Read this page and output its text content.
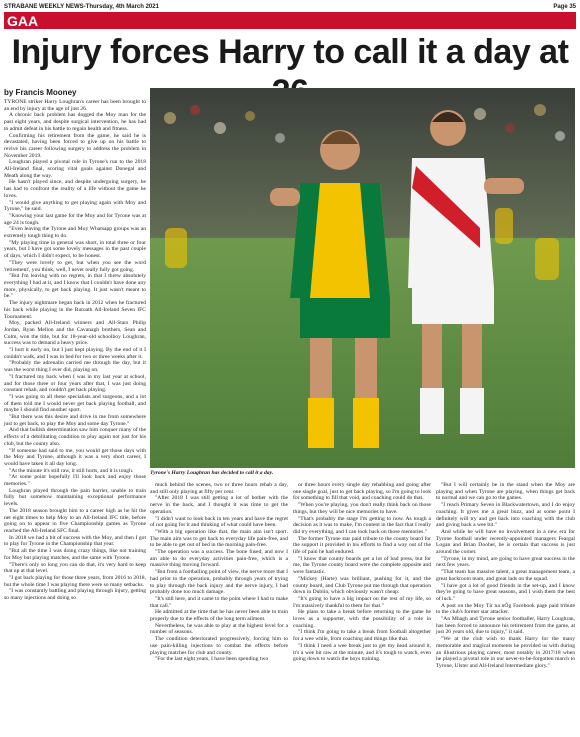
STRABANE WEEKLY NEWS-Thursday, 4th March 2021	Page 35
GAA
Injury forces Harry to call it a day at
by Francis Mooney

TYRONE striker Harry Loughran's career has been brought to an end by injury at the age of just 26.

A chronic back problem has dogged the Moy man for the past eight years, and despite surgical intervention, he has had to admit defeat in his battle to regain health and fitness.

Confirming his retirement from the game, he said he is devastated, having been forced to give up on his battle to revive his career following surgery to address the problem in November 2019.

Loughran played a pivotal role in Tyrone's run to the 2018 All-Ireland final, scoring vital goals against Donegal and Meath along the way.

He hasn't played since, and despite undergoing surgery, he has had to confront the reality of a life without the game he loves.

"I would give anything to get playing again with Moy and Tyrone," he said.

"Knowing your last game for the Moy and for Tyrone was at age 24 is tough.

"Even leaving the Tyrone and Moy Whatsapp groups was an extremely tough thing to do.

"My playing time in general was short, in total three or four years, but I have got some lovely messages in the past couple of days, which I didn't expect, to be honest.

"They were lovely to get, but when you see the word 'retirement', you think, well, I never really fully got going.

"But I'm leaving with no regrets, in that I threw absolutely everything I had at it, and I know that I couldn't have done any more, physically, to get back playing. It just wasn't meant to be."

The injury nightmare began back in 2012 when he fractured his back while playing in the Rutoath All-Ireland Seven IFC Tournament.

Moy, packed All-Ireland winners and All-Stars Philip Jordan, Ryan Mellon and the Cavanagh brothers, Sean and Colm, won the title, but for 18-year-old schoolboy Loughran, success was to demand a heavy price.

"I hurt it early on, but I just kept playing. By the end of it I couldn't walk, and I was in bed for two or three weeks after it.

"Probably the adrenalin carried me through the day, but it was the worst thing I ever did, playing on.

"I fractured my back when I was in my last year at school, and for those three or four years after that, I was just doing constant rehab, and couldn't get back playing.

"I was going to all these specialists and surgeons, and a lot of them told me I would never get back playing football, and maybe I should find another sport.

"But there was this desire and drive in me from somewhere just to get back, to play the Moy and some day Tyrone."

And that bullish determination saw him conquer many of the effects of a debilitating condition to play again not just for his club, but the county also.

"If someone had said to me, you would get those days with the Moy and Tyrone, although it was a very short career, I would have taken it all day long.

"At the minute it's still raw, it still hurts, and it is tough.

"At some point hopefully I'll look back and enjoy those memories."

Loughran played through the pain barrier, unable to train fully but somehow maintaining exceptional performance levels.

The 2018 season brought him to a career high as he hit the net eight times to help Moy to an All-Ireland IFC title, before going on to appear in five Championship games as Tyrone reached the All-Ireland SFC final.

In 2018 we had a bit of success with the Moy, and then I got to play for Tyrone in the Championship that year.

"But all the time I was doing crazy things, like not training for Moy but playing matches, and the same with Tyrone.

"There's only so long you can do that, it's very hard to keep that up at that level.

"I got back playing for those three years, from 2016 to 2018, but the whole time I was playing there were so many setbacks.

"I was constantly battling and playing through injury, getting so many injections and doing so

Tyrone's Harry Loughran has decided to call it a day.

much behind the scenes, two or three hours rehab a day, and still only playing at fifty per cent.

"After 2018 I was still getting a lot of bother with the nerve in the back, and I thought it was time to get the operation.

"I didn't want to look back in ten years and have the regret of not going for it and thinking of what could have been.

"With a big operation like that, the main aim isn't sport. The main aim was to get back to everyday life pain-free, and to be able to get out of bed in the morning pain-free.

"The operation was a success. The bone fused, and now I am able to do everyday activities pain-free, which is a massive thing moving forward.

"But from a footballing point of view, the nerve more that I had prior to the operation, probably through years of trying to play through the back injury and the nerve injury, I had probably done too much damage.

"It's still here, and it came to the point where I had to make that call."

He admitted at the time that he has never been able to train properly due to the effects of the long term ailment.

Nevertheless, he was able to play at the highest level for a number of seasons.

The condition deteriorated progressively, forcing him to use pain-killing injections to combat the effects before playing matches for club and county.

"For the last eight years, I have been spending two

or three hours every single day rehabbing and going after one single goal, just to get back playing, so I'm going to look for something to fill that void, and coaching could do that.

"When you're playing, you don't really think back on those things, but they will be nice memories to have.

"That's probably the stage I'm getting to now. As tough a decision as it was to make, I'm content in the fact that I really did try everything, and I can look back on those memories."

The former Tyrone star paid tribute to the county board for the support it provided in his efforts to find a way out of the life of pain he had endured.

"I know that county boards get a lot of bad press, but for me, the Tyrone county board were the complete opposite and were fantastic.

"Mickey (Harte) was brilliant, pushing for it, and the county board, and Club Tyrone put me through that operation down in Dublin, which obviously wasn't cheap.

"It's going to have a big impact on the rest of my life, so I'm massively thankful to them for that."

He plans to take a break before returning to the game he loves as a supporter, with the possibility of a role in coaching.

"I think I'm going to take a break from football altogether for a wee while, from coaching and things like that.

"I think I need a wee break just to get my head around it, it's a wee bit raw at the minute, and it's tough to watch, even going down to watch the boys training.

"But I will certainly be in the stand when the Moy are playing and when Tyrone are playing, when things get back to normal and we can go to the games.

"I reach Primary Seven in Blackwatertown, and I do enjoy coaching. It gives me a great buzz, and at some point I definitely will try and get back into coaching with the club and giving back a wee bit."

And while he will have no involvement in a new era for Tyrone football under recently-appointed managers Feargal Logan and Brian Dooher, he is certain that success is just around the corner.

"Tyrone, in my mind, are going to have great success in the next few years.

"That team has massive talent, a great management team, a great backroom team, and great lads on the squad.

"I have got a lot of good friends in the set-up, and I know they're going to have great seasons, and I wish them the best of luck."

A post on the Moy Tír na nÓg Facebook page paid tribute to the club's former star attacker.

"An Mhagh and Tyrone senior footballer, Harry Loughran, has been forced to announce his retirement from the game, at just 26 years old, due to injury," it said.

"We at the club wish to thank Harry for the many memorable and magical moments he provided us with during an illustrious playing career, most notably in 2017/18 when he played a pivotal role in our never-to-be-forgotten march to Tyrone, Ulster and All-Ireland Intermediate glory."
